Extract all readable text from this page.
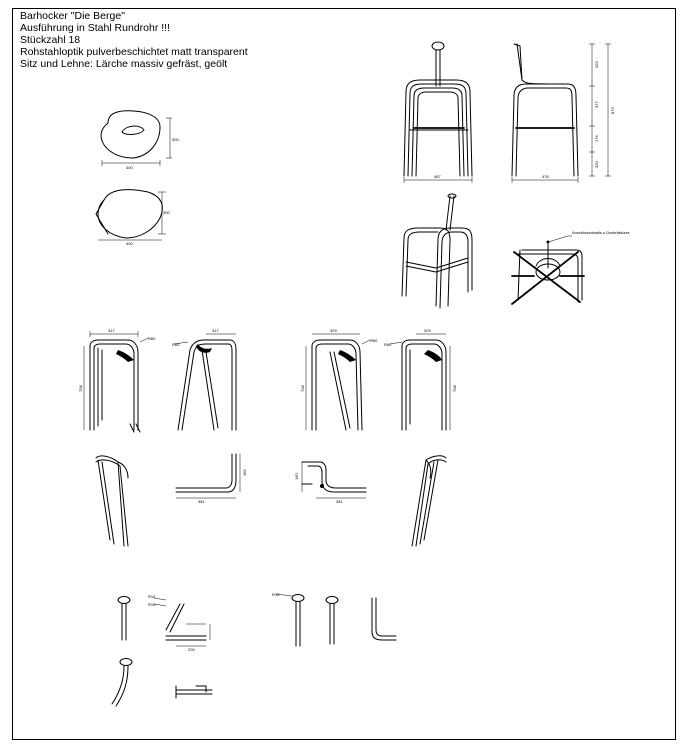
Barhocker "Die Berge"
Ausführung in Stahl Rundrohr !!!
Stückzahl 18
Rohstahloptik pulverbeschichtet matt transparent
Sitz und Lehne: Lärche massiv gefräst, geölt
300
400
300
400
487	476
320
377
176
320
873
Anschlussdetails s.Gestellskizze
317
708
R60
317
R60
329
708
R60
329
708
R60
381
160
381
160
R15
R15
200
R15
